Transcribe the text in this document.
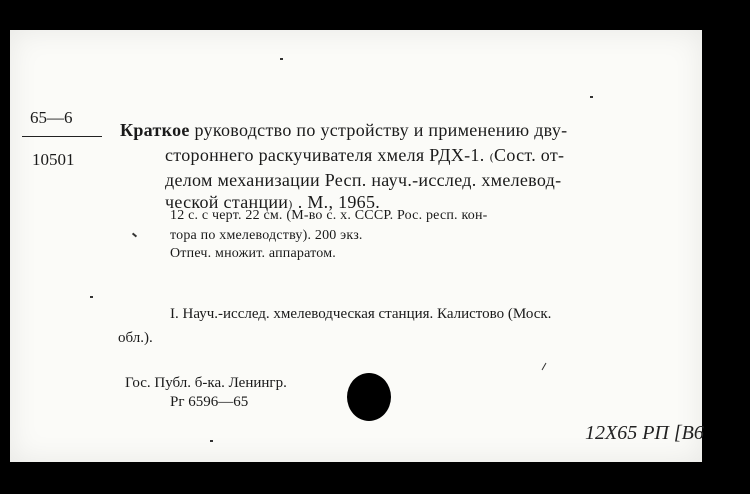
65—6
10501
Краткое руководство по устройству и применению дву-
стороннего раскучивателя хмеля РДХ-1. ₍Сост. от-
делом механизации Респ. науч.-исслед. хмелевод-
ческой станции₎ . М., 1965.
12 с. с черт. 22 см. (М-во с. х. СССР. Рос. респ. кон-
тора по хмелеводству). 200 экз.
Отпеч. множит. аппаратом.
I. Науч.-исслед. хмелеводческая станция. Калистово (Моск.
обл.).
Гос. Публ. б-ка. Ленингр.
Рг 6596—65
12X65 PП [B6
